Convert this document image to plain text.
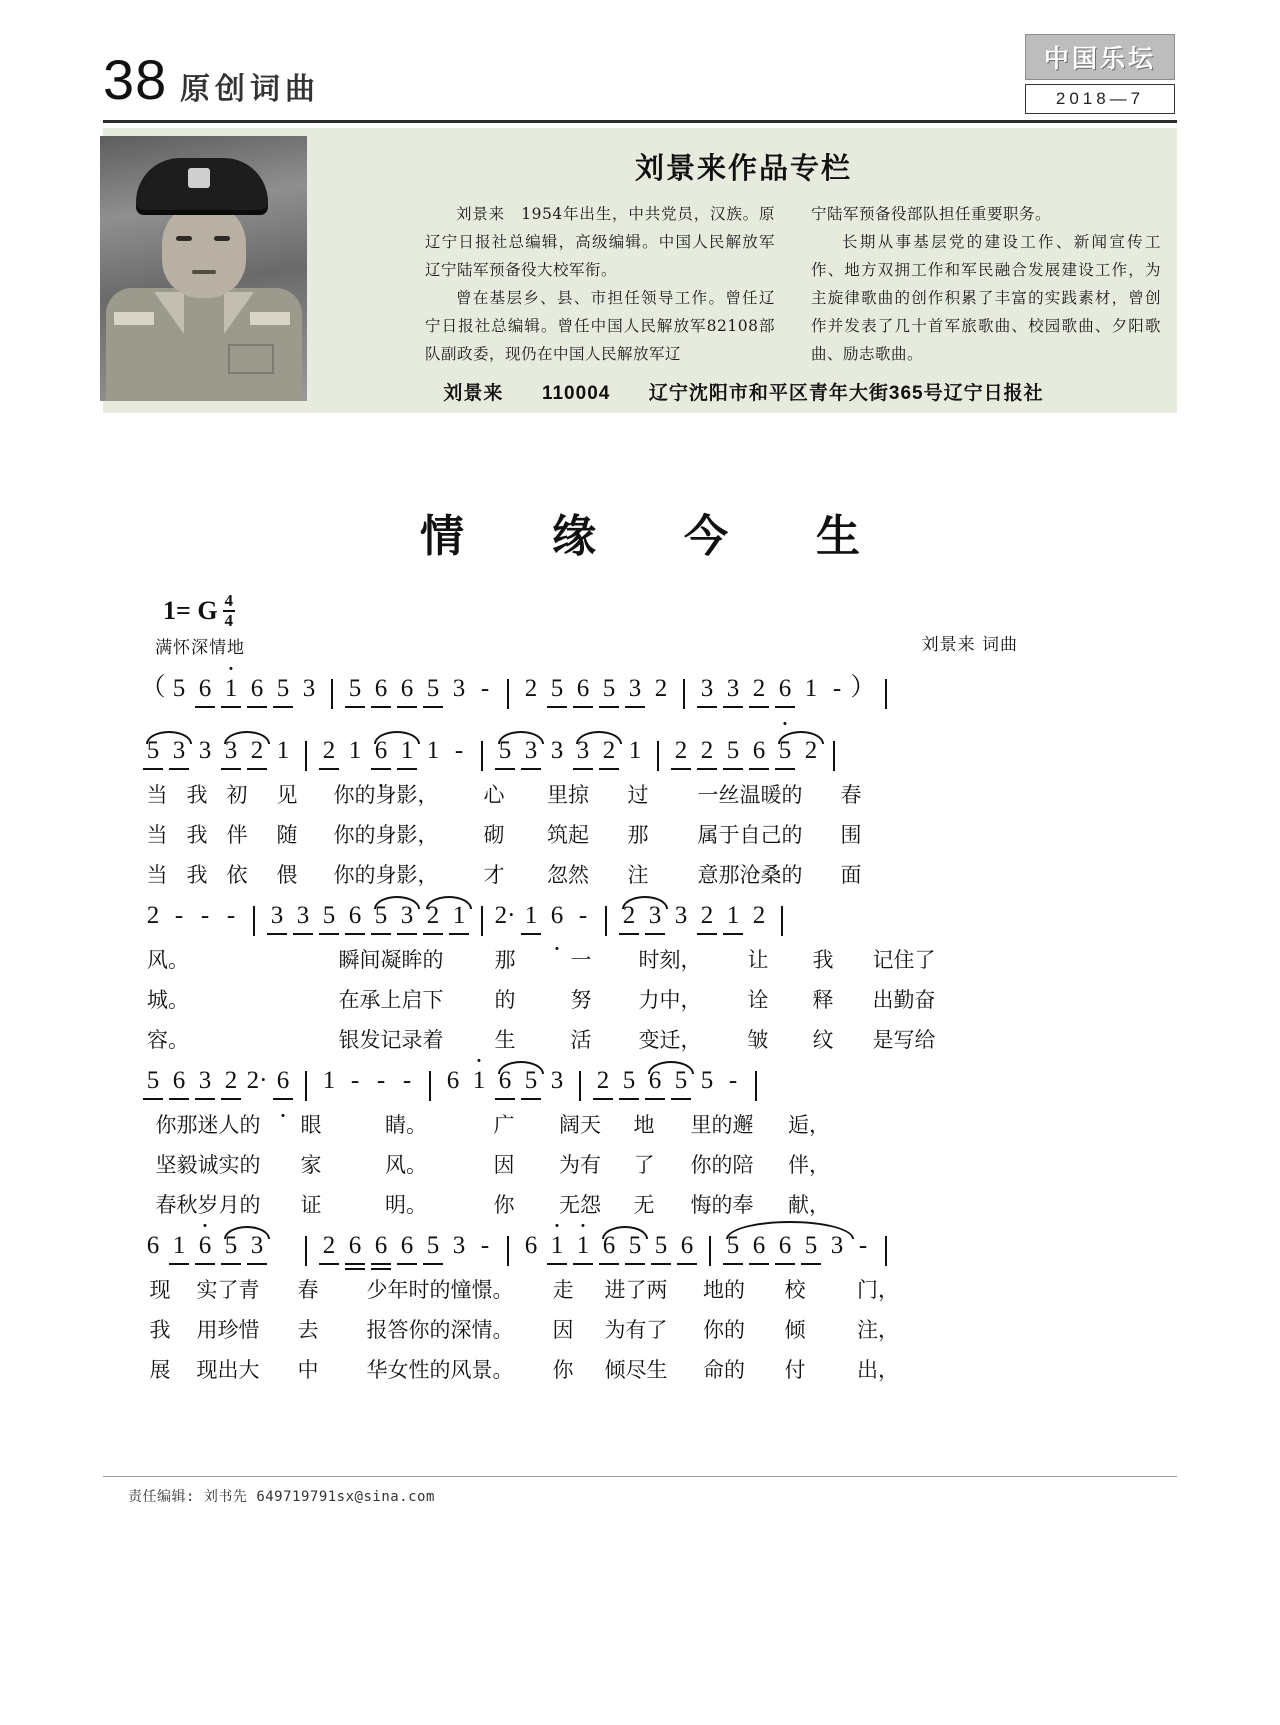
38 原创词曲
中国乐坛
2018—7
刘景来作品专栏

刘景来　1954年出生，中共党员，汉族。原辽宁日报社总编辑，高级编辑。中国人民解放军辽宁陆军预备役大校军衔。

曾在基层乡、县、市担任领导工作。曾任辽宁日报社总编辑。曾任中国人民解放军82108部队副政委，现仍在中国人民解放军辽

宁陆军预备役部队担任重要职务。

长期从事基层党的建设工作、新闻宣传工作、地方双拥工作和军民融合发展建设工作，为主旋律歌曲的创作积累了丰富的实践素材，曾创作并发表了几十首军旅歌曲、校园歌曲、夕阳歌曲、励志歌曲。

刘景来 110004 辽宁沈阳市和平区青年大街365号辽宁日报社
情　缘　今　生
1= G $\frac{4}{4}$
满怀深情地	刘景来 词曲
（ 5 6
·
1 6 5 3 5 6 6 5 3 -	2 5 6 5 3 2 3 3 2 · 6 1 - ）
5 3 3 3 2 1 2 1 · 6 1 1 -	5 3 3 3 2 1 2 2 5 6 5 2
当 我 初	见	你的身影，	心	里掠	过	一丝温暖的	春
当 我 伴	随	你的身影，	砌	筑起	那	属于自己的	围
当 我 依	偎	你的身影，	才	忽然	注	意那沧桑的	面
2 - - -	3 3 5 6 5 3 2 1 2· 1 · 6 -	2 3 3 2 1 2
风。	瞬间凝眸的	那	一	时刻，	让	我	记住了
城。	在承上启下	的	努	力中，	诠	释	出勤奋
容。	银发记录着	生	活	变迁，	皱	纹	是写给
5 6 3 2 2· · 6 1 - - -	6
·
1 6 5 3 2 5 6 5 5 -
你那迷人的	眼	睛。	广	阔天	地	里的邂	逅，
坚毅诚实的	家	风。	因	为有	了	你的陪	伴，
春秋岁月的	证	明。	你	无怨	无	悔的奉	献，
6 1
·
6 5 3 2 6 6 6 5 3 -	6
·
1
·
1 6 5 5 6 5 6 6 5 3 -
现	实了青	春	少年时的憧憬。	走	进了两	地的	校	门，
我	用珍惜	去	报答你的深情。	因	为有了	你的	倾	注，
展	现出大	中	华女性的风景。	你	倾尽生	命的	付	出，
责任编辑: 刘书先 649719791sx@sina.com
